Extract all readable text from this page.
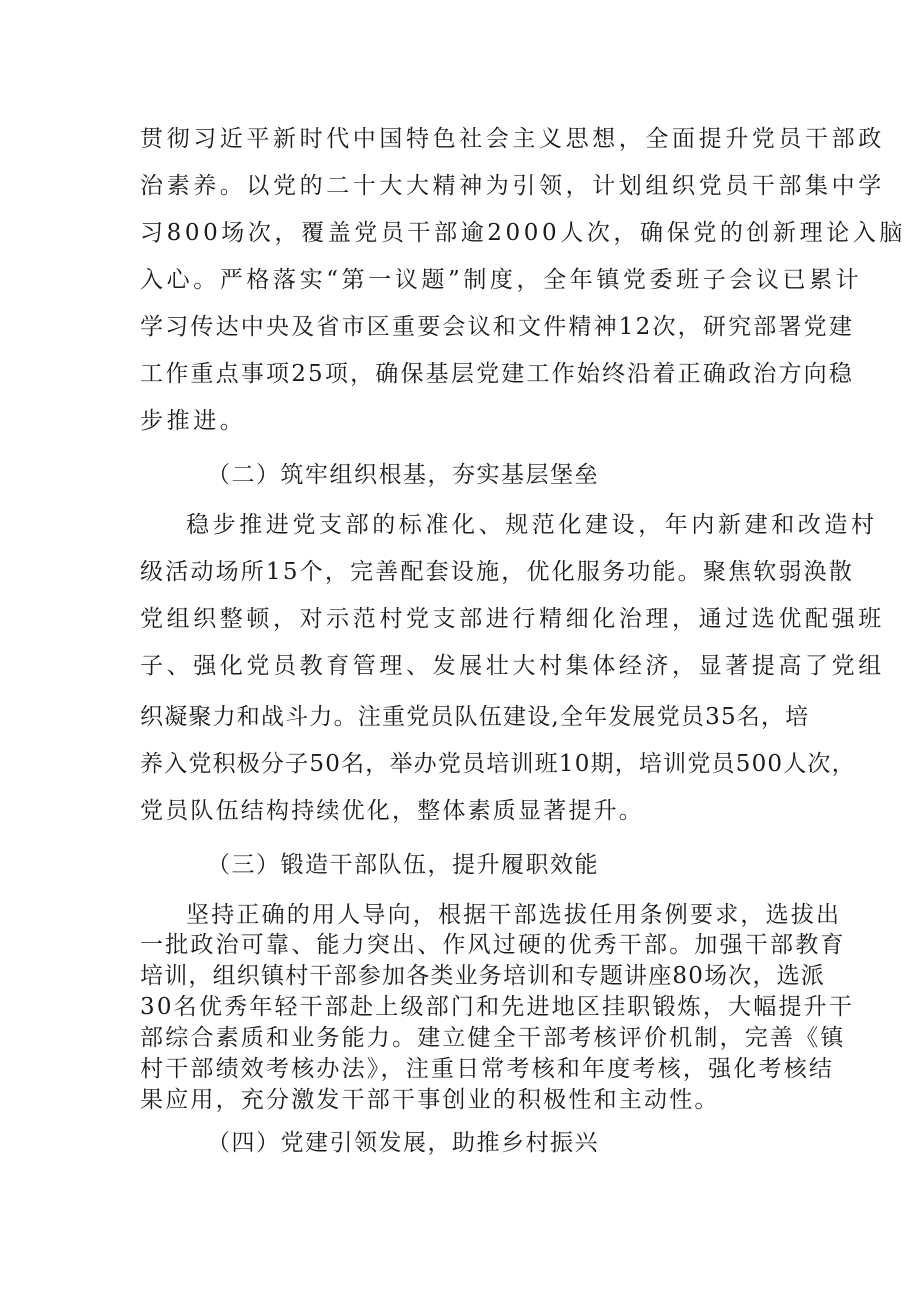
贯彻习近平新时代中国特色社会主义思想，全面提升党员干部政
治素养。以党的二十大大精神为引领，计划组织党员干部集中学
习800场次，覆盖党员干部逾2000人次，确保党的创新理论入脑
入心。严格落实“第一议题”制度，全年镇党委班子会议已累计
学习传达中央及省市区重要会议和文件精神12次，研究部署党建
工作重点事项25项，确保基层党建工作始终沿着正确政治方向稳
步推进。
（二）筑牢组织根基，夯实基层堡垒
稳步推进党支部的标准化、规范化建设，年内新建和改造村
级活动场所15个，完善配套设施，优化服务功能。聚焦软弱涣散
党组织整顿，对示范村党支部进行精细化治理，通过选优配强班
子、强化党员教育管理、发展壮大村集体经济，显著提高了党组
织凝聚力和战斗力。注重党员队伍建设,全年发展党员35名，培
养入党积极分子50名，举办党员培训班10期，培训党员500人次，
党员队伍结构持续优化，整体素质显著提升。
（三）锻造干部队伍，提升履职效能
坚持正确的用人导向，根据干部选拔任用条例要求，选拔出
一批政治可靠、能力突出、作风过硬的优秀干部。加强干部教育
培训，组织镇村干部参加各类业务培训和专题讲座80场次，选派
30名优秀年轻干部赴上级部门和先进地区挂职锻炼，大幅提升干
部综合素质和业务能力。建立健全干部考核评价机制，完善《镇
村干部绩效考核办法》，注重日常考核和年度考核，强化考核结
果应用，充分激发干部干事创业的积极性和主动性。
（四）党建引领发展，助推乡村振兴
